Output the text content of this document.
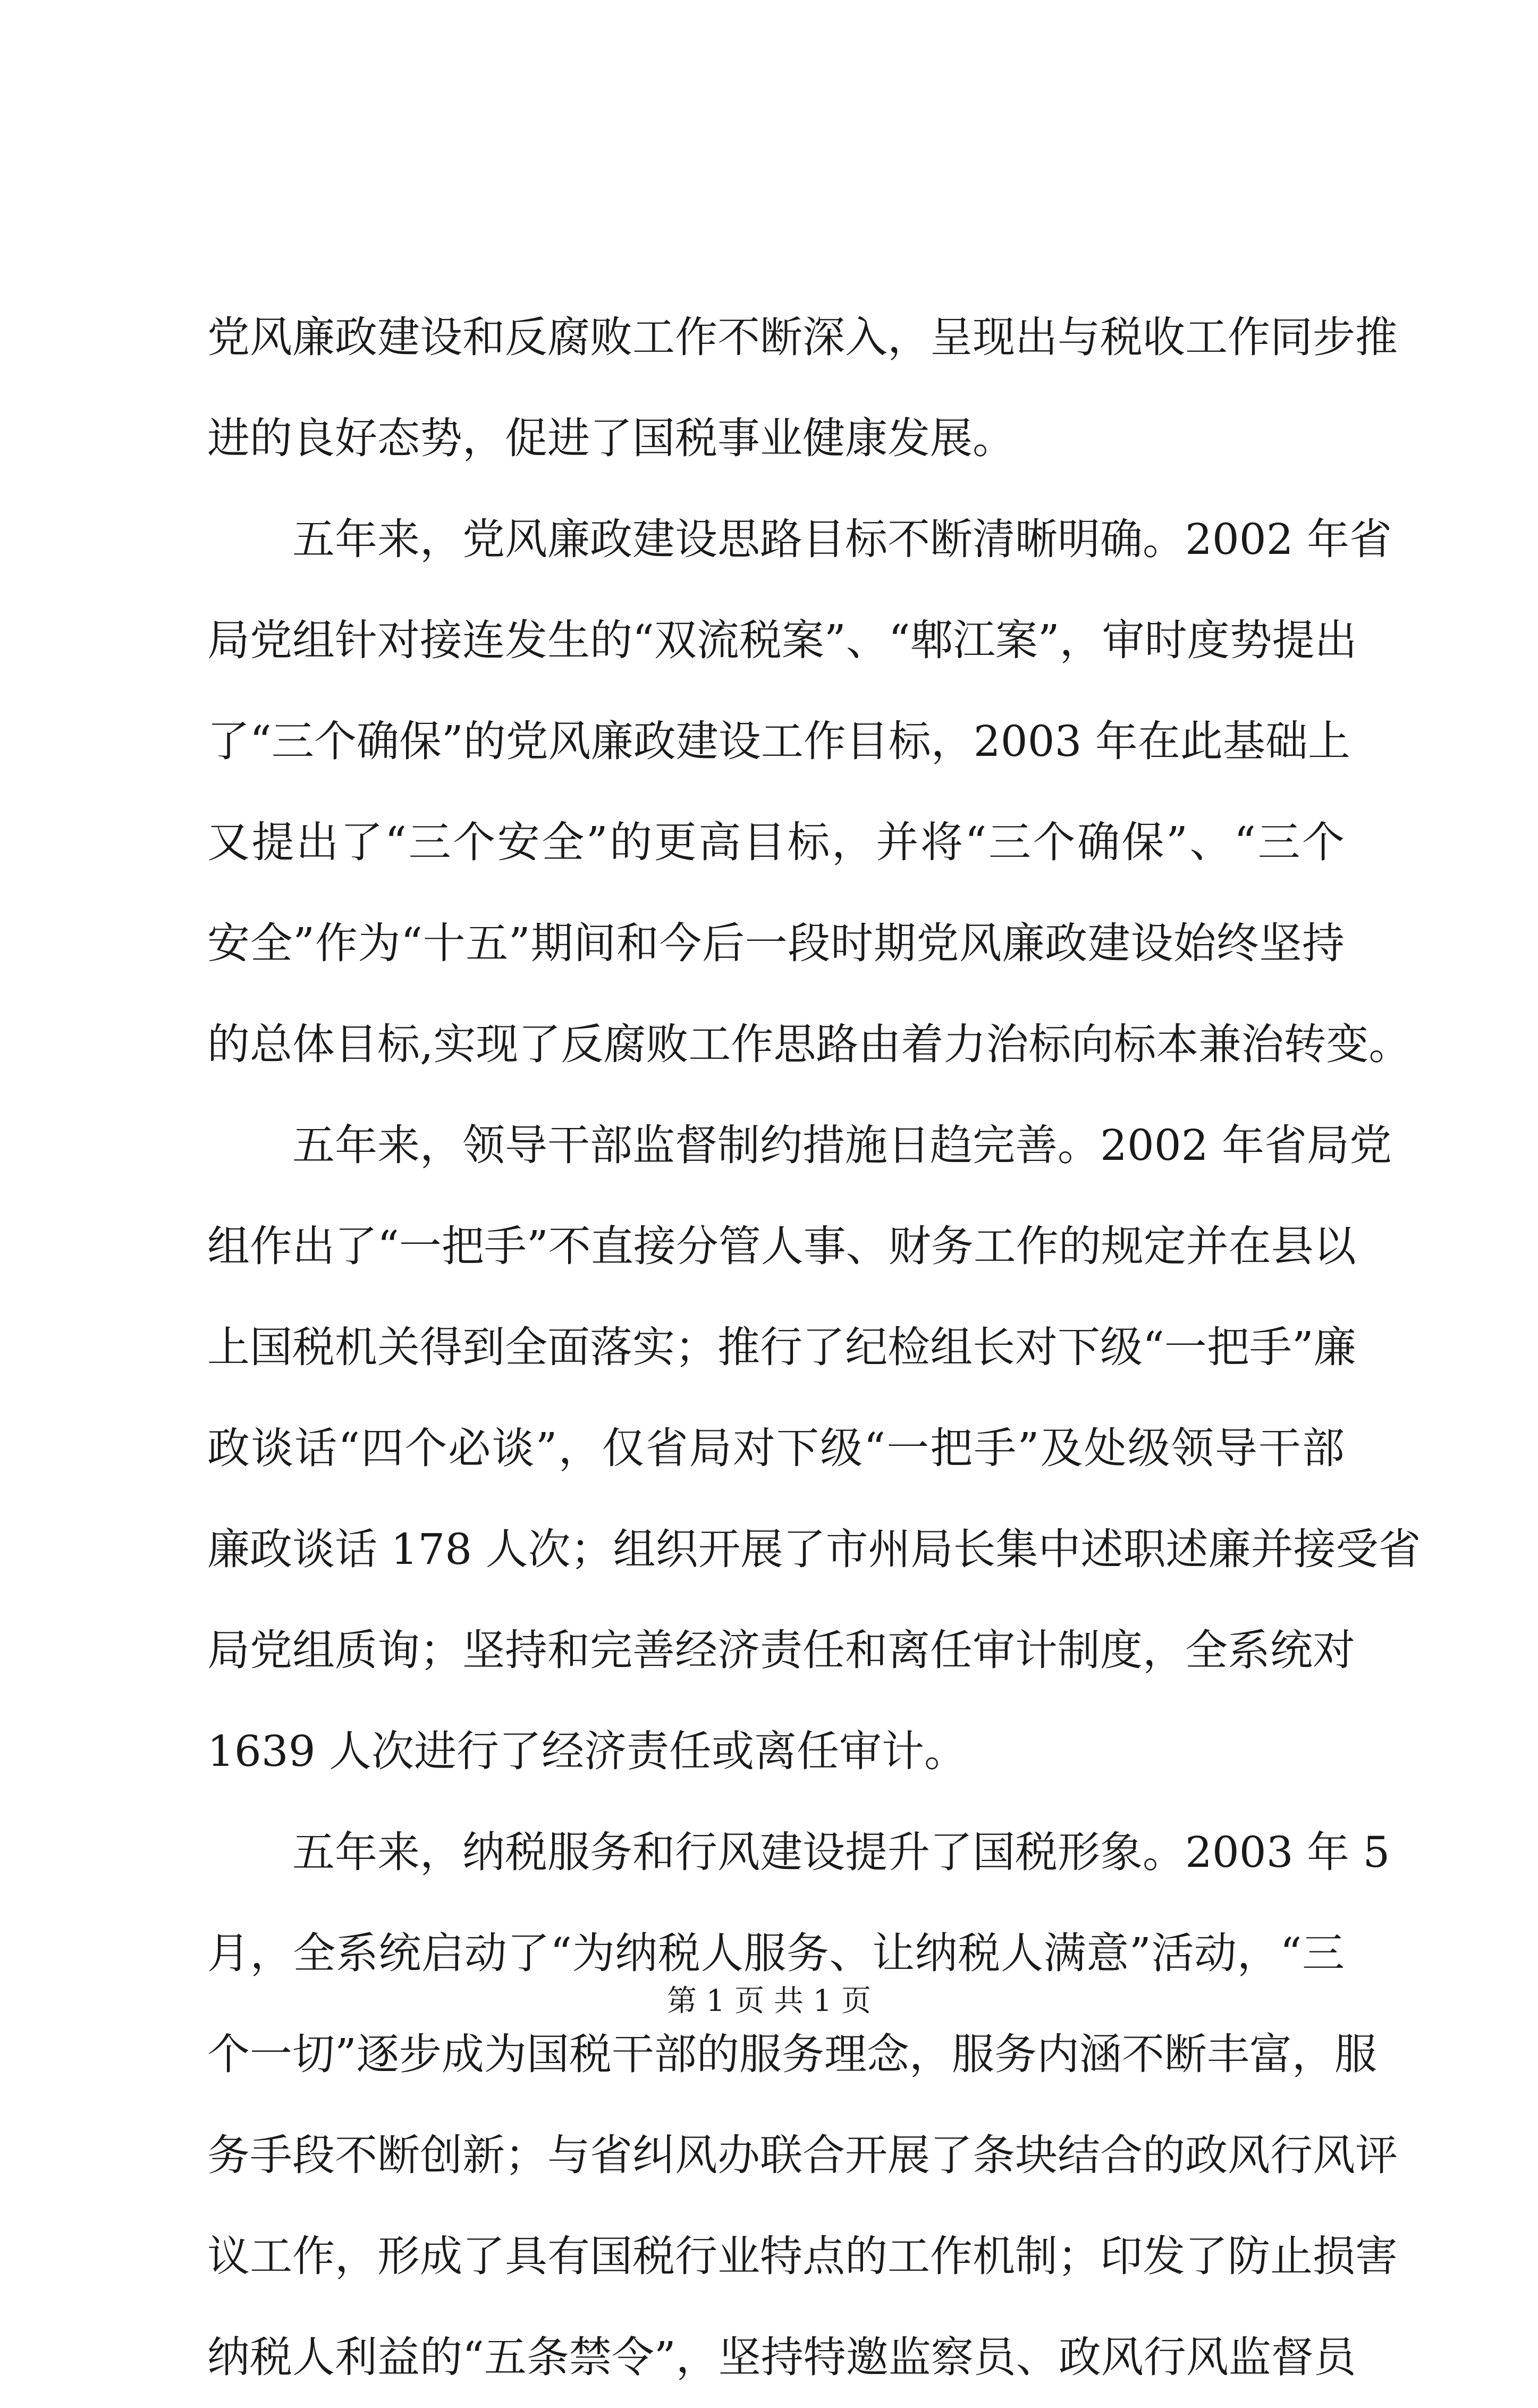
党风廉政建设和反腐败工作不断深入，呈现出与税收工作同步推
进的良好态势，促进了国税事业健康发展。
五年来，党风廉政建设思路目标不断清晰明确。2002 年省
局党组针对接连发生的“双流税案”、“郫江案”，审时度势提出
了“三个确保”的党风廉政建设工作目标，2003 年在此基础上
又提出了“三个安全”的更高目标，并将“三个确保”、“三个
安全”作为“十五”期间和今后一段时期党风廉政建设始终坚持
的总体目标,实现了反腐败工作思路由着力治标向标本兼治转变。
五年来，领导干部监督制约措施日趋完善。2002 年省局党
组作出了“一把手”不直接分管人事、财务工作的规定并在县以
上国税机关得到全面落实；推行了纪检组长对下级“一把手”廉
政谈话“四个必谈”，仅省局对下级“一把手”及处级领导干部
廉政谈话 178 人次；组织开展了市州局长集中述职述廉并接受省
局党组质询；坚持和完善经济责任和离任审计制度，全系统对
1639 人次进行了经济责任或离任审计。
五年来，纳税服务和行风建设提升了国税形象。2003 年 5
月，全系统启动了“为纳税人服务、让纳税人满意”活动，“三
个一切”逐步成为国税干部的服务理念，服务内涵不断丰富，服
务手段不断创新；与省纠风办联合开展了条块结合的政风行风评
议工作，形成了具有国税行业特点的工作机制；印发了防止损害
纳税人利益的“五条禁令”，坚持特邀监察员、政风行风监督员
第 1 页 共 1 页
